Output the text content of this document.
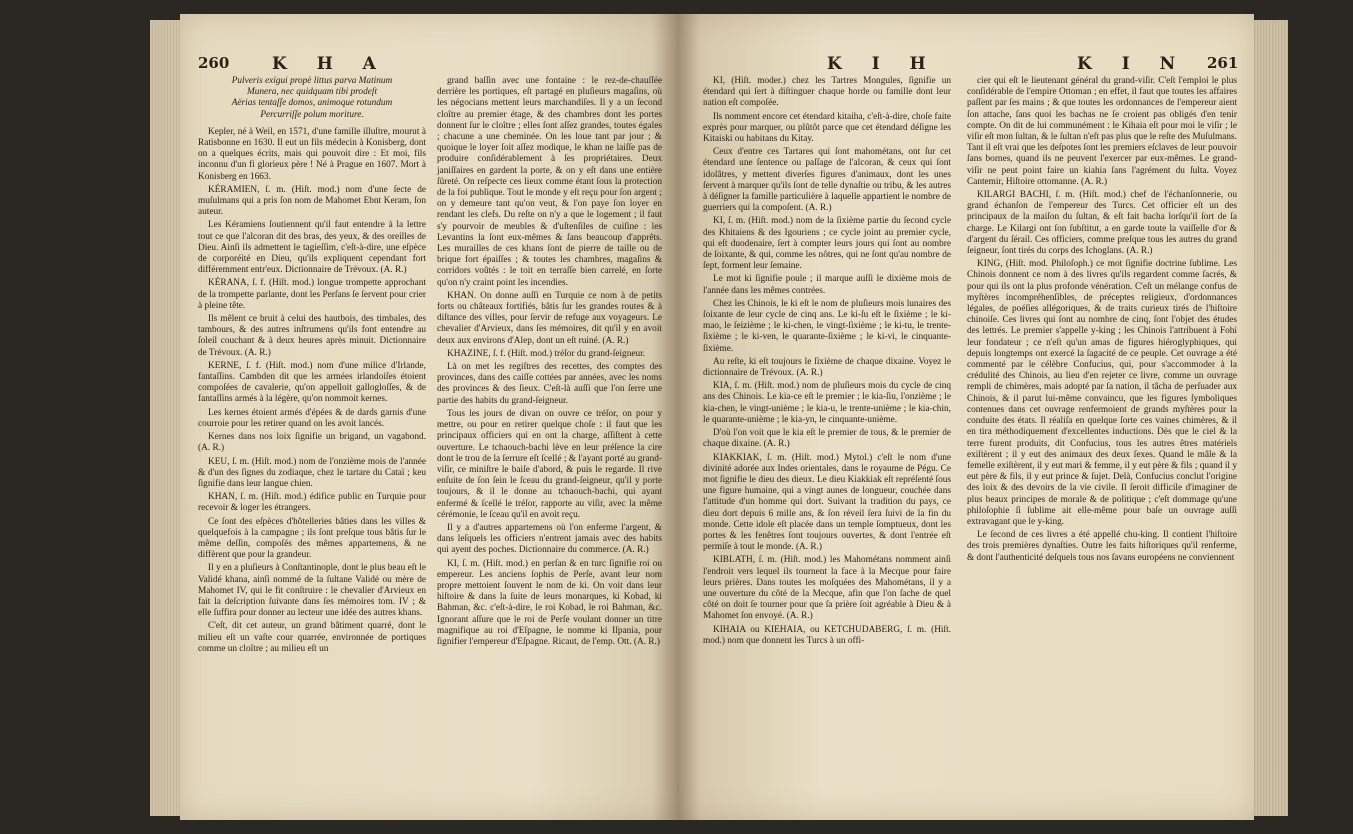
260	K H A

Pulveris exigui propè littus parva Matinum
Munera, nec quidquam tibi prodeſt
Aërias tentaſſe domos, animoque rotundum
Percurriſſe polum moriture.

Kepler, né à Weil, en 1571, d'une famille illuſtre, mourut à Ratisbonne en 1630. Il eut un fils médecin à Konisberg, dont on a quelques écrits, mais qui pouvoit dire : Et moi, fils inconnu d'un fi glorieux père ! Né à Prague en 1607. Mort à Konisberg en 1663.

KÉRAMIEN, ſ. m. (Hiſt. mod.) nom d'une ſecte de muſulmans qui a pris ſon nom de Mahomet Ebnt Keram, ſon auteur.

Les Kéramiens ſoutiennent qu'il faut entendre à la lettre tout ce que l'alcoran dit des bras, des yeux, & des oreilles de Dieu. Ainſi ils admettent le tagieſſim, c'eſt-à-dire, une eſpèce de corporéité en Dieu, qu'ils expliquent cependant fort différemment entr'eux. Dictionnaire de Trévoux. (A. R.)

KÉRANA, ſ. f. (Hiſt. mod.) longue trompette approchant de la trompette parlante, dont les Perſans ſe ſervent pour crier à pleine tête.

Ils mêlent ce bruit à celui des hautbois, des timbales, des tambours, & des autres inſtrumens qu'ils font entendre au ſoleil couchant & à deux heures après minuit. Dictionnaire de Trévoux. (A. R.)

KERNE, ſ. f. (Hiſt. mod.) nom d'une milice d'Irlande, fantaſſins. Cambden dit que les armées irlandoiſes étoient compoſées de cavalerie, qu'on appelloit gallogloſſes, & de fantaſſins armés à la légère, qu'on nommoit kernes.

Les kernes étoient armés d'épées & de dards garnis d'une courroie pour les retirer quand on les avoit lancés.

Kernes dans nos loix ſignifie un brigand, un vagabond. (A. R.)

KEU, ſ. m. (Hiſt. mod.) nom de l'onzième mois de l'année & d'un des ſignes du zodiaque, chez le tartare du Cataï ; keu ſignifie dans leur langue chien.

KHAN, ſ. m. (Hiſt. mod.) édifice public en Turquie pour recevoir & loger les étrangers.

Ce ſont des eſpèces d'hôtelleries bâties dans les villes & quelquefois à la campagne ; ils ſont preſque tous bâtis ſur le même deſſin, compoſés des mêmes appartemens, & ne diffèrent que pour la grandeur.

Il y en a pluſieurs à Conſtantinople, dont le plus beau eſt le Validé khana, ainſi nommé de la ſultane Validé ou mère de Mahomet IV, qui le fit conſtruire : le chevalier d'Arvieux en fait la deſcription ſuivante dans ſes mémoires tom. IV ; & elle ſuffira pour donner au lecteur une idée des autres khans.

C'eſt, dit cet auteur, un grand bâtiment quarré, dont le milieu eſt un vaſte cour quarrée, environnée de portiques comme un cloître ; au milieu eſt un

grand baſſin avec une fontaine : le rez-de-chauſſée derrière les portiques, eſt partagé en pluſieurs magaſins, où les négocians mettent leurs marchandiſes. Il y a un ſecond cloître au premier étage, & des chambres dont les portes donnent ſur le cloître ; elles ſont aſſez grandes, toutes égales ; chacune a une cheminée. On les loue tant par jour ; & quoique le loyer ſoit aſſez modique, le khan ne laiſſe pas de produire conſidérablement à ſes propriétaires. Deux janiſſaires en gardent la porte, & on y eſt dans une entière ſûreté. On reſpecte ces lieux comme étant ſous la protection de la foi publique. Tout le monde y eſt reçu pour ſon argent ; on y demeure tant qu'on veut, & l'on paye ſon loyer en rendant les clefs. Du reſte on n'y a que le logement ; il faut s'y pourvoir de meubles & d'uſtenſiles de cuiſine : les Levantins la ſont eux-mêmes & ſans beaucoup d'apprêts. Les murailles de ces khans ſont de pierre de taille ou de brique fort épaiſſes ; & toutes les chambres, magaſins & corridors voûtés : le toit en terraſſe bien carrelé, en ſorte qu'on n'y craint point les incendies.

KHAN. On donne auſſi en Turquie ce nom à de petits forts ou châteaux fortifiés, bâtis ſur les grandes routes & à diſtance des villes, pour ſervir de refuge aux voyageurs. Le chevalier d'Arvieux, dans ſes mémoires, dit qu'il y en avoit deux aux environs d'Alep, dont un eſt ruiné. (A. R.)

KHAZINE, ſ. f. (Hiſt. mod.) tréſor du grand-ſeigneur.

Là on met les regiſtres des recettes, des comptes des provinces, dans des caiſſe cottées par années, avec les noms des provinces & des ſieux. C'eſt-là auſſi que l'on ſerre une partie des habits du grand-ſeigneur.

Tous les jours de divan on ouvre ce tréſor, on pour y mettre, ou pour en retirer quelque choſe : il faut que les principaux officiers qui en ont la charge, aſſiſtent à cette ouverture. Le tchaouch-bachi lève en leur préſence la cire dont le trou de la ſerrure eſt ſcellé ; & l'ayant porté au grand-viſir, ce miniſtre le baiſe d'abord, & puis le regarde. Il rive enſuite de ſon ſein le ſceau du grand-ſeigneur, qu'il y porte toujours, & il le donne au tchaouch-bachi, qui ayant enfermé & ſcellé le tréſor, rapporte au viſir, avec la même cérémonie, le ſceau qu'il en avoit reçu.

Il y a d'autres appartemens où l'on enferme l'argent, & dans leſquels les officiers n'entrent jamais avec des habits qui ayent des poches. Dictionnaire du commerce. (A. R.)

KI, ſ. m. (Hiſt. mod.) en perſan & en turc ſignifie roi ou empereur. Les anciens ſophis de Perſe, avant leur nom propre mettoient ſouvent le nom de ki. On voit dans leur hiſtoire & dans la ſuite de leurs monarques, ki Kobad, ki Bahman, &c. c'eſt-à-dire, le roi Kobad, le roi Bahman, &c. Ignorant aſſure que le roi de Perſe voulant donner un titre magnifique au roi d'Eſpagne, le nomme ki Iſpania, pour ſignifier l'empereur d'Eſpagne. Ricaut, de l'emp. Ott. (A. R.)

K I H	K I N 261

KI, (Hiſt. moder.) chez les Tartres Mongules, ſignifie un étendard qui ſert à diſtinguer chaque horde ou famille dont leur nation eſt compoſée.

Ils nomment encore cet étendard kitaiha, c'eſt-à-dire, choſe faite exprès pour marquer, ou plûtôt parce que cet étendard déſigne les Kitaiski ou habitans du Kitay.

Ceux d'entre ces Tartares qui ſont mahométans, ont ſur cet étendard une ſentence ou paſſage de l'alcoran, & ceux qui ſont idolâtres, y mettent diverſes figures d'animaux, dont les unes ſervent à marquer qu'ils ſont de telle dynaſtie ou tribu, & les autres à déſigner la famille particulière à laquelle appartient le nombre de guerriers qui la compoſent. (A. R.)

KI, ſ. m. (Hiſt. mod.) nom de la ſixième partie du ſecond cycle des Khitaiens & des Igouriens ; ce cycle joint au premier cycle, qui eſt duodenaire, ſert à compter leurs jours qui ſont au nombre de ſoixante, & qui, comme les nôtres, qui ne ſont qu'au nombre de ſept, forment leur ſemaine.

Le mot ki ſignifie poule ; il marque auſſi le dixième mois de l'année dans les mêmes contrées.

Chez les Chinois, le ki eſt le nom de pluſieurs mois lunaires des ſoixante de leur cycle de cinq ans. Le ki-ſu eſt le ſixième ; le ki-mao, le ſeizième ; le ki-chen, le vingt-ſixième ; le ki-tu, le trente-ſixième ; le ki-ven, le quarante-ſixième ; le ki-vi, le cinquante-ſixième.

Au reſte, ki eſt toujours le ſixième de chaque dixaine. Voyez le dictionnaire de Trévoux. (A. R.)

KIA, ſ. m. (Hiſt. mod.) nom de pluſieurs mois du cycle de cinq ans des Chinois. Le kia-ce eſt le premier ; le kia-ſiu, l'onzième ; le kia-chen, le vingt-unième ; le kia-u, le trente-unième ; le kia-chin, le quarante-unième ; le kia-yn, le cinquante-unième.

D'où l'on voit que le kia eſt le premier de tous, & le premier de chaque dixaine. (A. R.)

KIAKKIAK, ſ. m. (Hiſt. mod.) Mytol.) c'eſt le nom d'une divinité adorée aux Indes orientales, dans le royaume de Pégu. Ce mot ſignifie le dieu des dieux. Le dieu Kiakkiak eſt repréſenté ſous une figure humaine, qui a vingt aunes de longueur, couchée dans l'attitude d'un homme qui dort. Suivant la tradition du pays, ce dieu dort depuis 6 mille ans, & ſon réveil ſera ſuivi de la fin du monde. Cette idole eſt placée dans un temple ſomptueux, dont les portes & les fenêtres ſont toujours ouvertes, & dont l'entrée eſt permiſe à tout le monde. (A. R.)

KIBLATH, ſ. m. (Hiſt. mod.) les Mahométans nomment ainſi l'endroit vers lequel ils tournent la face à la Mecque pour faire leurs prières. Dans toutes les moſquées des Mahométans, il y a une ouverture du côté de la Mecque, afin que l'on ſache de quel côté on doit ſe tourner pour que ſa prière ſoit agréable à Dieu & à Mahomet ſon envoyé. (A. R.)

KIHAIA ou KIEHAIA, ou KETCHUDABERG, ſ. m. (Hiſt. mod.) nom que donnent les Turcs à un offi-

cier qui eſt le lieutenant général du grand-viſir. C'eſt l'emploi le plus conſidérable de l'empire Ottoman ; en effet, il faut que toutes les affaires paſſent par ſes mains ; & que toutes les ordonnances de l'empereur aient ſon attache, ſans quoi les bachas ne ſe croient pas obligés d'en tenir compte. On dit de lui communément : le Kihaia eſt pour moi le viſir ; le viſir eſt mon ſultan, & le ſultan n'eſt pas plus que le reſte des Muſulmans. Tant il eſt vrai que les deſpotes ſont les premiers eſclaves de leur pouvoir ſans bornes, quand ils ne peuvent l'exercer par eux-mêmes. Le grand-viſir ne peut point faire un kiahia ſans l'agrément du ſulta. Voyez Cantemir, Hiſtoire ottomanne. (A. R.)

KILARGI BACHI, ſ. m. (Hiſt. mod.) chef de l'échanſonnerie, ou grand échanſon de l'empereur des Turcs. Cet officier eſt un des principaux de la maiſon du ſultan, & eſt fait bacha lorſqu'il ſort de ſa charge. Le Kilargi ont ſon ſubſtitut, a en garde toute la vaiſſelle d'or & d'argent du ſérail. Ces officiers, comme preſque tous les autres du grand ſeigneur, ſont tirés du corps des Ichoglans. (A. R.)

KING, (Hiſt. mod. Philoſoph.) ce mot ſignifie doctrine ſublime. Les Chinois donnent ce nom à des livres qu'ils regardent comme ſacrés, & pour qui ils ont la plus profonde vénération. C'eſt un mélange confus de myſtères incompréhenſibles, de préceptes religieux, d'ordonnances légales, de poéſies allégoriques, & de traits curieux tirés de l'hiſtoire chinoiſe. Ces livres qui ſont au nombre de cinq, ſont l'objet des études des lettrés. Le premier s'appelle y-king ; les Chinois l'attribuent à Fohi leur fondateur ; ce n'eſt qu'un amas de figures hiéroglyphiques, qui depuis longtemps ont exercé la ſagacité de ce peuple. Cet ouvrage a été commenté par le célèbre Confucius, qui, pour s'accommoder à la crédulité des Chinois, au lieu d'en rejeter ce livre, comme un ouvrage rempli de chimères, mais adopté par ſa nation, il tâcha de perſuader aux Chinois, & il parut lui-même convaincu, que les figures ſymboliques contenues dans cet ouvrage renfermoient de grands myſtères pour la conduite des états. Il réaliſa en quelque ſorte ces vaines chimères, & il en tira méthodiquement d'excellentes inductions. Dès que le ciel & la terre furent produits, dit Confucius, tous les autres êtres matériels exiſtèrent ; il y eut des animaux des deux ſexes. Quand le mâle & la femelle exiſtèrent, il y eut mari & femme, il y eut père & fils ; quand il y eut père & fils, il y eut prince & ſujet. Delà, Confucius conclut l'origine des loix & des devoirs de la vie civile. Il ſeroit difficile d'imaginer de plus beaux principes de morale & de politique ; c'eſt dommage qu'une philoſophie ſi ſublime ait elle-même pour baſe un ouvrage auſſi extravagant que le y-king.

Le ſecond de ces livres a été appellé chu-king. Il contient l'hiſtoire des trois premières dynaſties. Outre les faits hiſtoriques qu'il renferme, & dont l'authenticité deſquels tous nos ſavans européens ne conviennent
